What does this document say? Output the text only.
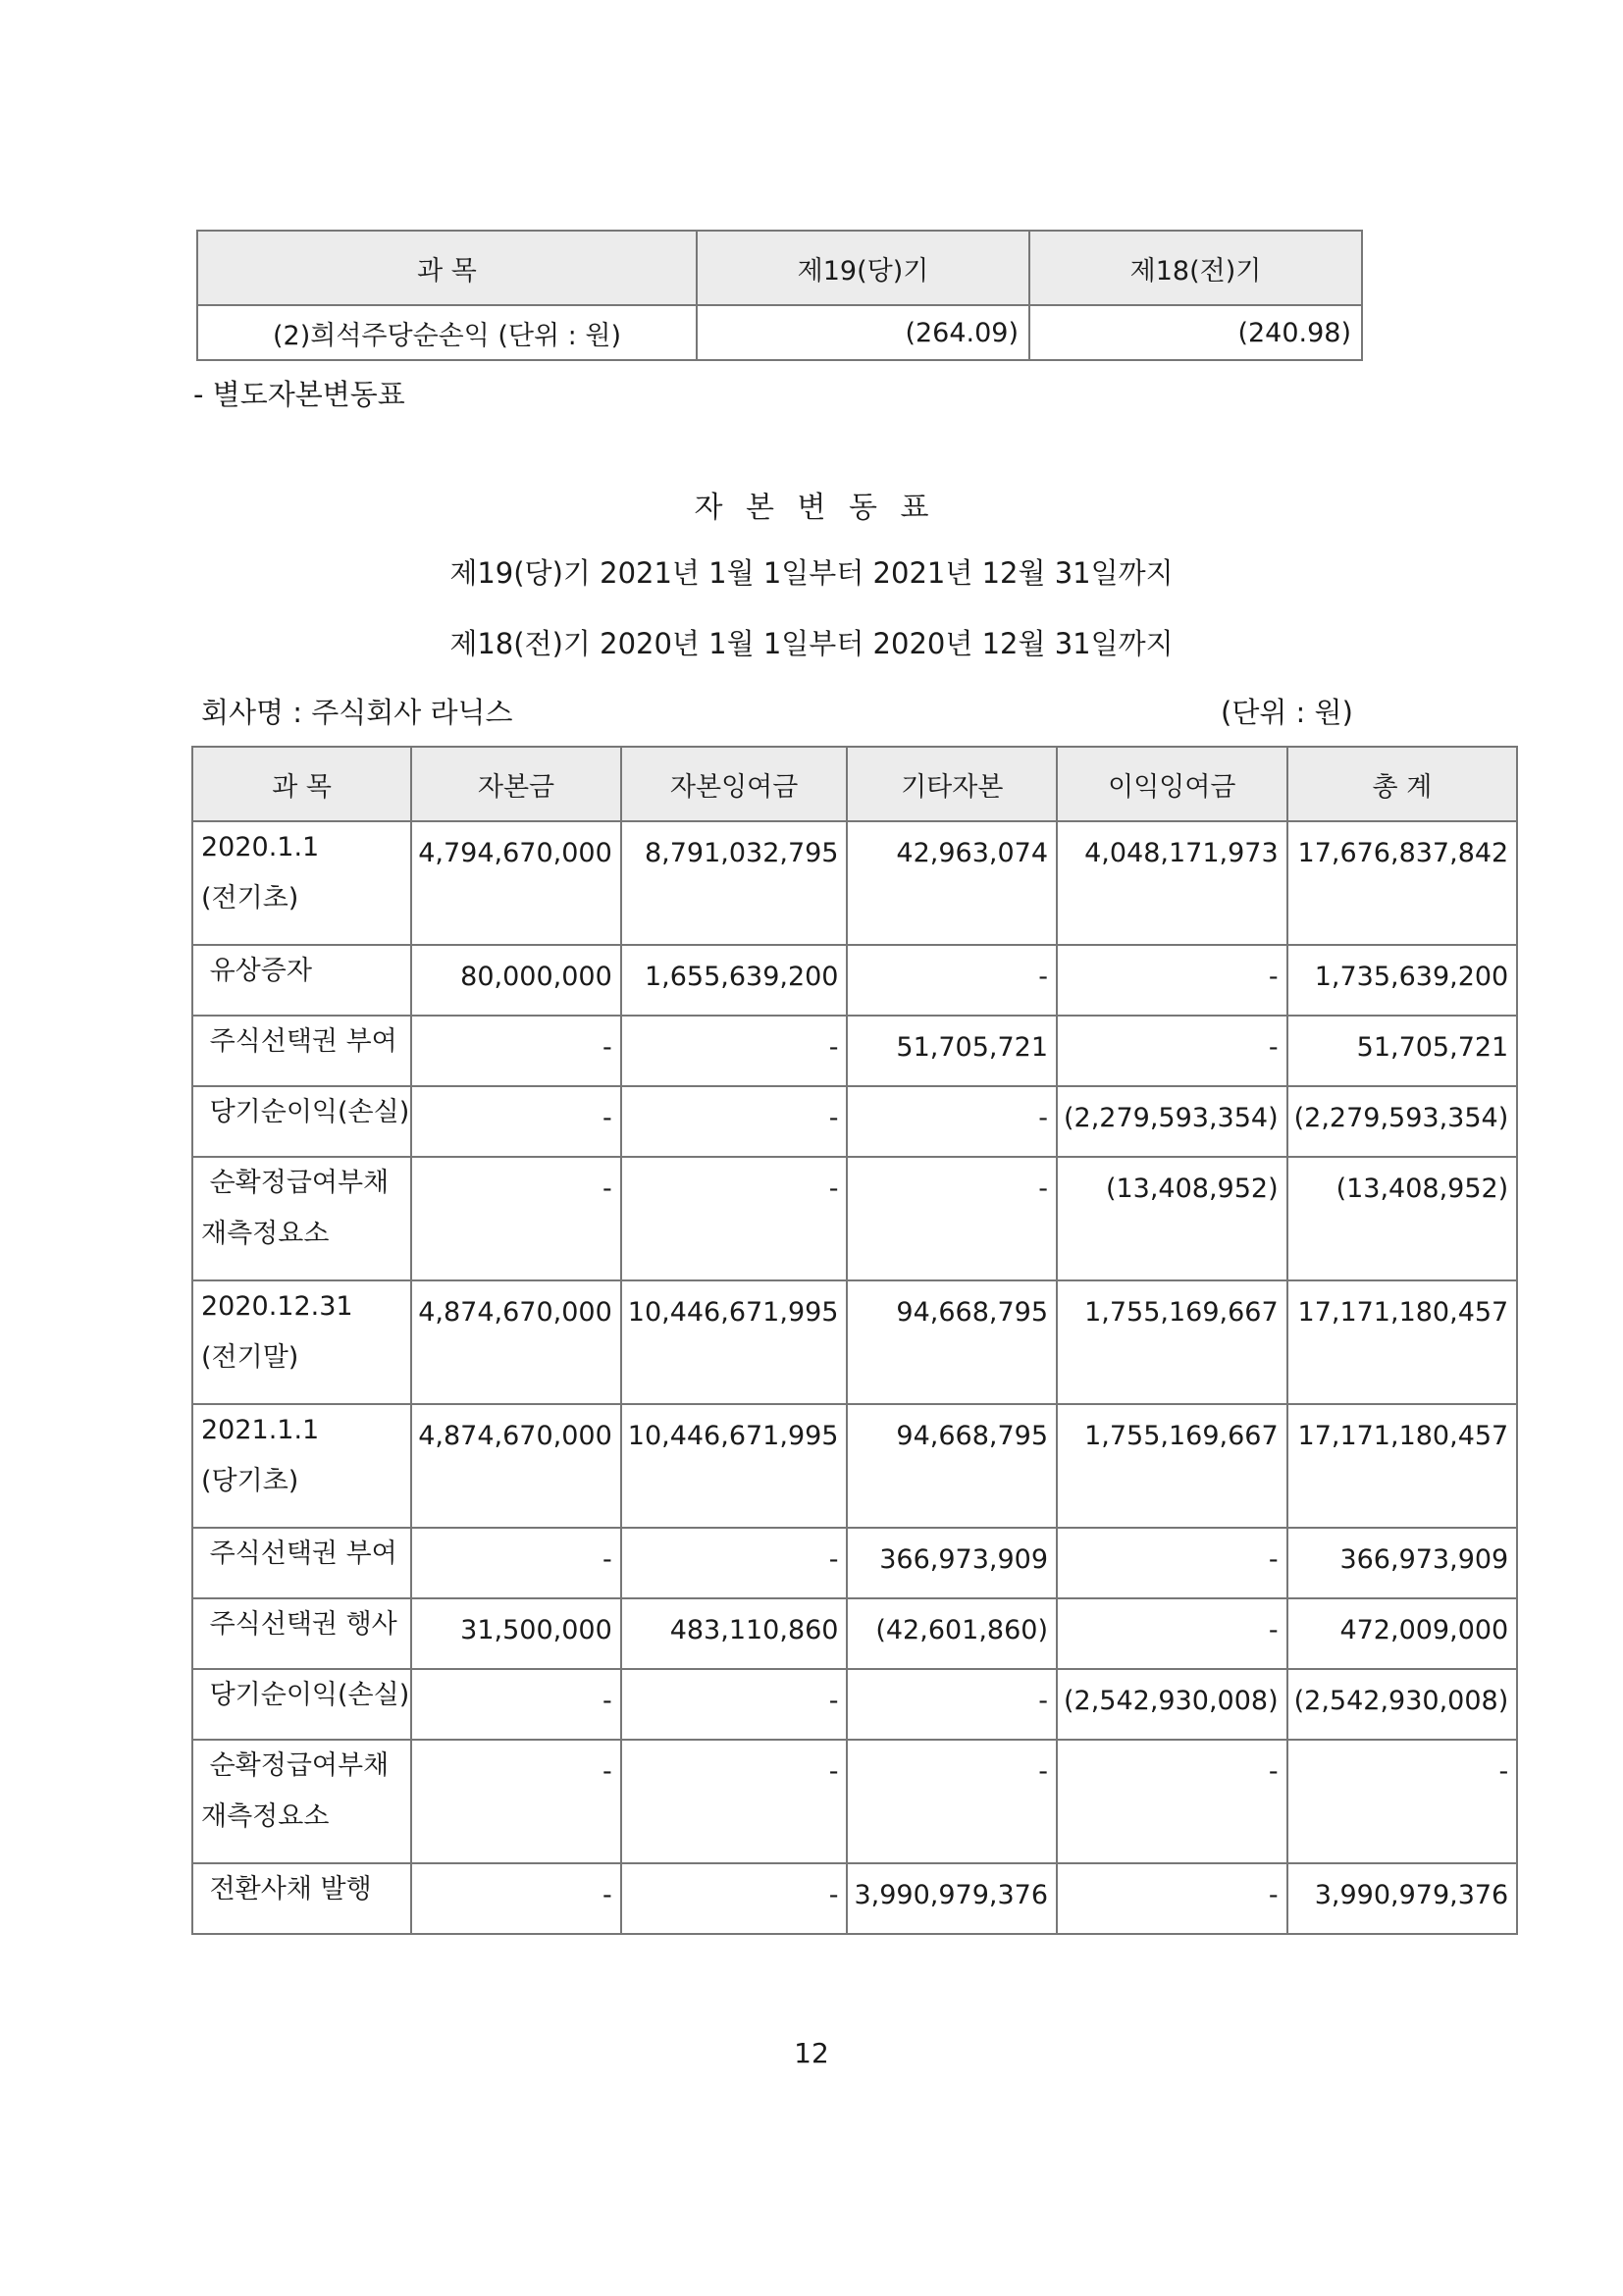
과 목	제19(당)기	제18(전)기
(2)희석주당순손익 (단위 : 원)	(264.09)	(240.98)
- 별도자본변동표
자 본 변 동 표
제19(당)기 2021년 1월 1일부터 2021년 12월 31일까지
제18(전)기 2020년 1월 1일부터 2020년 12월 31일까지
회사명 : 주식회사 라닉스	(단위 : 원)
과 목	자본금	자본잉여금	기타자본	이익잉여금	총 계
2020.1.1
(전기초)	4,794,670,000	8,791,032,795	42,963,074	4,048,171,973	17,676,837,842
유상증자	80,000,000	1,655,639,200	-	-	1,735,639,200
주식선택권 부여	-	-	51,705,721	-	51,705,721
당기순이익(손실)	-	-	-	(2,279,593,354)	(2,279,593,354)
순확정급여부채
재측정요소	-	-	-	(13,408,952)	(13,408,952)
2020.12.31
(전기말)	4,874,670,000	10,446,671,995	94,668,795	1,755,169,667	17,171,180,457
2021.1.1
(당기초)	4,874,670,000	10,446,671,995	94,668,795	1,755,169,667	17,171,180,457
주식선택권 부여	-	-	366,973,909	-	366,973,909
주식선택권 행사	31,500,000	483,110,860	(42,601,860)	-	472,009,000
당기순이익(손실)	-	-	-	(2,542,930,008)	(2,542,930,008)
순확정급여부채
재측정요소	-	-	-	-	-
전환사채 발행	-	-	3,990,979,376	-	3,990,979,376
12
